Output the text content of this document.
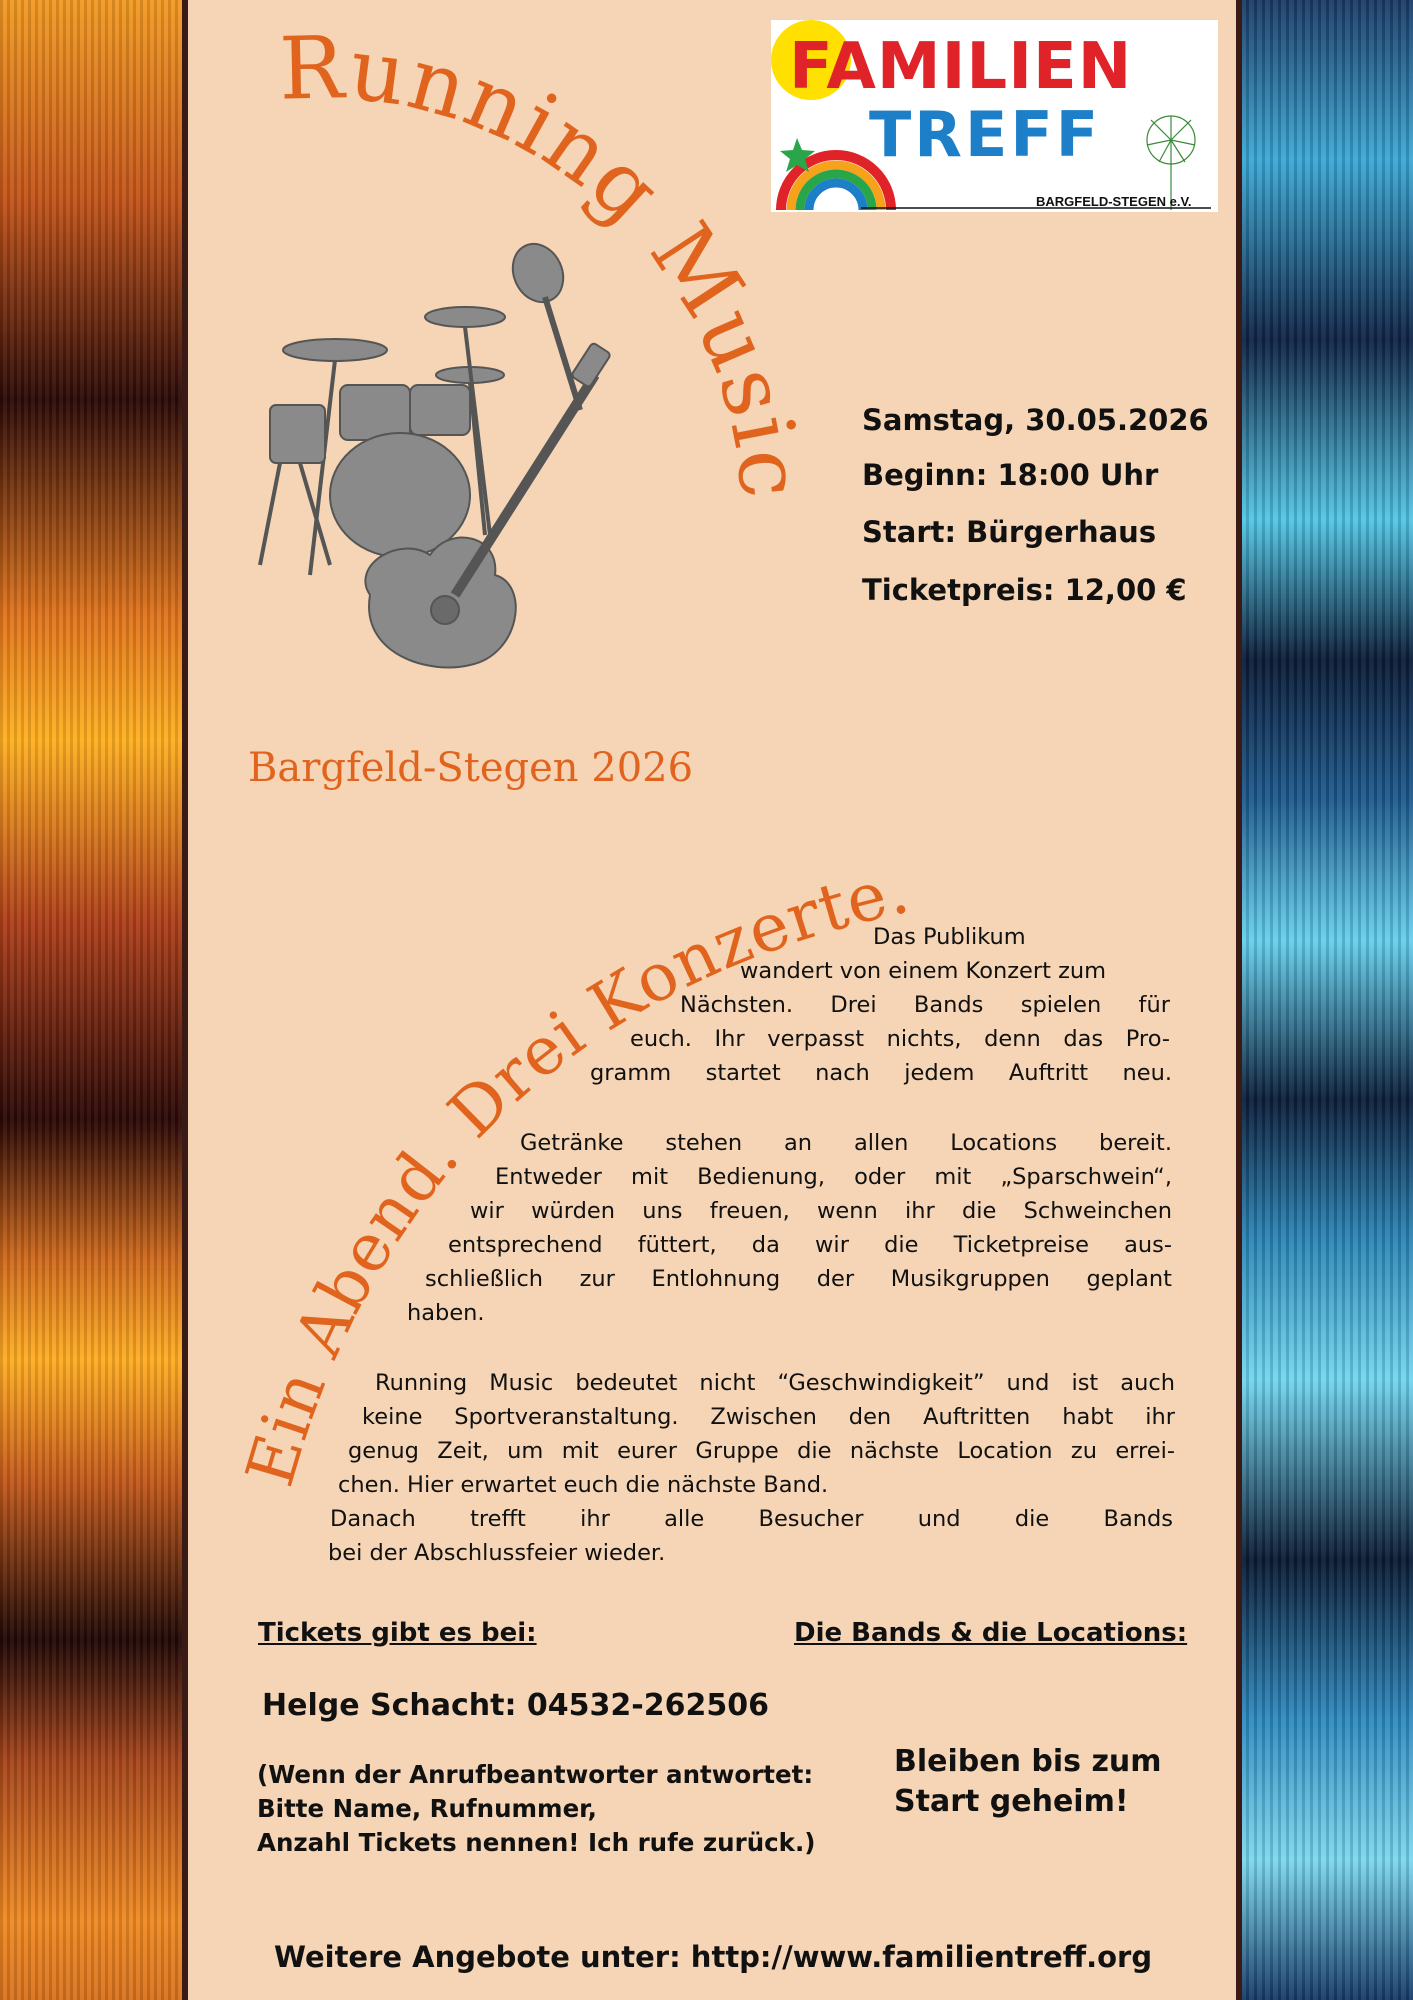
FAMILIEN
TREFF
BARGFELD-STEGEN e.V.
Running Music
Bargfeld-Stegen 2026
Samstag, 30.05.2026
Beginn: 18:00 Uhr
Start: Bürgerhaus
Ticketpreis: 12,00 €
Ein Abend. Drei Konzerte.
Das Publikum
wandert von einem Konzert zum
Nächsten. Drei Bands spielen für
euch. Ihr verpasst nichts, denn das Pro-
gramm startet nach jedem Auftritt neu.
Getränke stehen an allen Locations bereit.
Entweder mit Bedienung, oder mit „Sparschwein“,
wir würden uns freuen, wenn ihr die Schweinchen
entsprechend füttert, da wir die Ticketpreise aus-
schließlich zur Entlohnung der Musikgruppen geplant
haben.
Running Music bedeutet nicht “Geschwindigkeit” und ist auch
keine Sportveranstaltung. Zwischen den Auftritten habt ihr
genug Zeit, um mit eurer Gruppe die nächste Location zu errei-
chen. Hier erwartet euch die nächste Band.
Danach trefft ihr alle Besucher und die Bands
bei der Abschlussfeier wieder.
Tickets gibt es bei:
Helge Schacht: 04532-262506
(Wenn der Anrufbeantworter antwortet:
Bitte Name, Rufnummer,
Anzahl Tickets nennen! Ich rufe zurück.)
Die Bands & die Locations:
Bleiben bis zum
Start geheim!
Weitere Angebote unter: http://www.familientreff.org
